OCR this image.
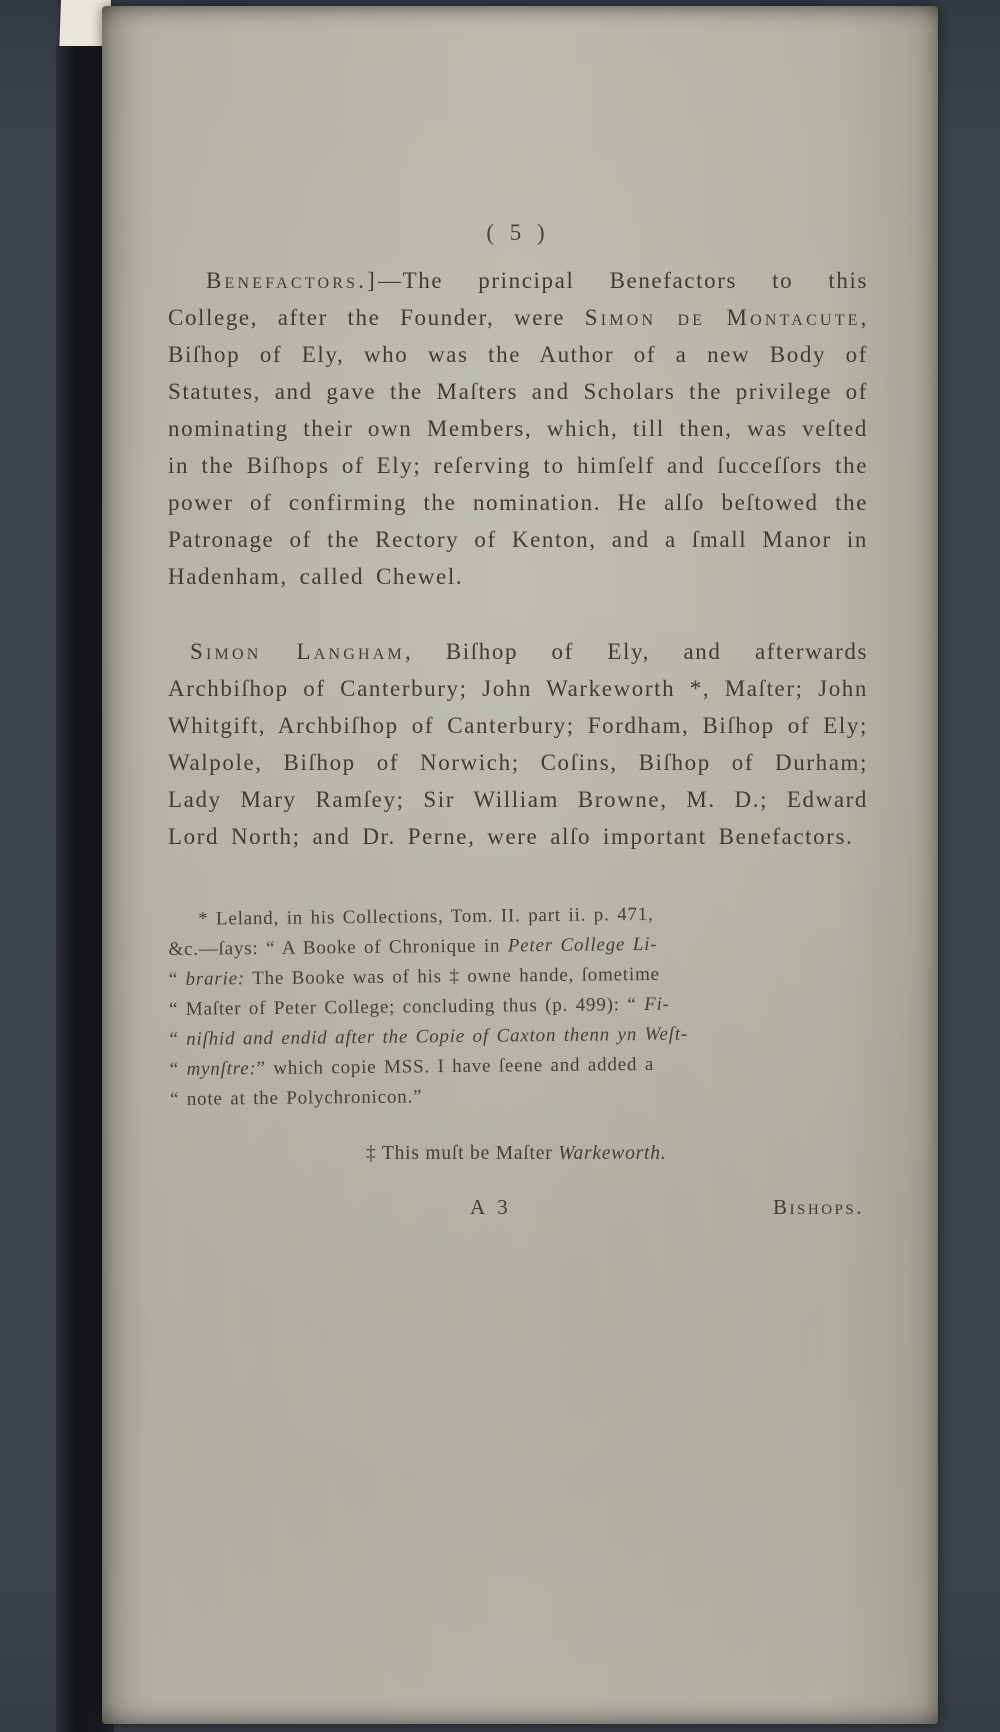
( 5 )

Benefactors.]—The principal Benefactors to this College, after the Founder, were Simon de Montacute, Biſhop of Ely, who was the Author of a new Body of Statutes, and gave the Maſters and Scholars the privilege of nominating their own Members, which, till then, was veſted in the Biſhops of Ely; reſerving to himſelf and ſucceſſors the power of confirming the nomination. He alſo beſtowed the Patronage of the Rectory of Kenton, and a ſmall Manor in Hadenham, called Chewel.

Simon Langham, Biſhop of Ely, and afterwards Archbiſhop of Canterbury; John Warkeworth *, Maſter; John Whitgift, Archbiſhop of Canterbury; Fordham, Biſhop of Ely; Walpole, Biſhop of Norwich; Coſins, Biſhop of Durham; Lady Mary Ramſey; Sir William Browne, M. D.; Edward Lord North; and Dr. Perne, were alſo important Benefactors.

* Leland, in his Collections, Tom. II. part ii. p. 471,
&c.—ſays: “ A Booke of Chronique in Peter College Li-
“ brarie: The Booke was of his ‡ owne hande, ſometime
“ Maſter of Peter College; concluding thus (p. 499): “ Fi-
“ niſhid and endid after the Copie of Caxton thenn yn Weſt-
“ mynſtre:” which copie MSS. I have ſeene and added a
“ note at the Polychronicon.”
‡ This muſt be Maſter Warkeworth.
A 3	Bishops.
